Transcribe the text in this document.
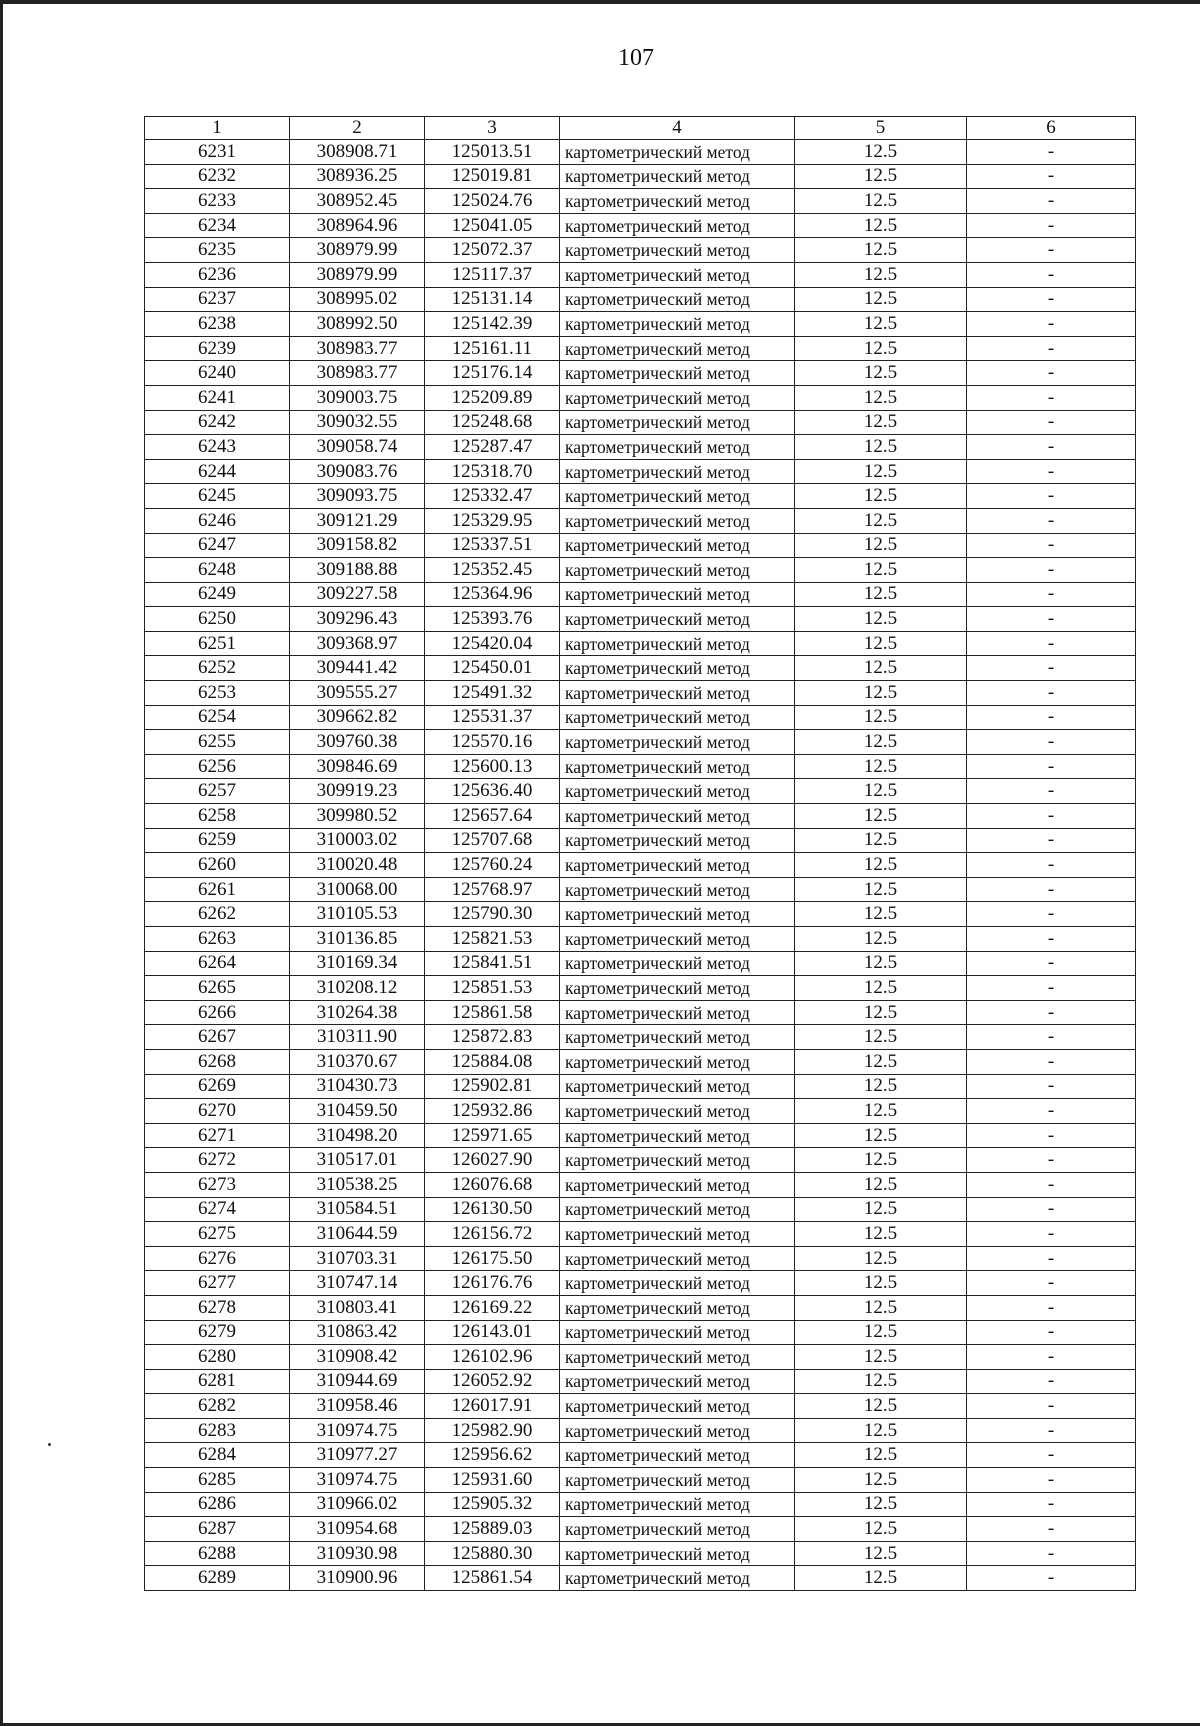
107
1	2	3	4	5	6
6231	308908.71	125013.51	картометрический метод	12.5	-
6232	308936.25	125019.81	картометрический метод	12.5	-
6233	308952.45	125024.76	картометрический метод	12.5	-
6234	308964.96	125041.05	картометрический метод	12.5	-
6235	308979.99	125072.37	картометрический метод	12.5	-
6236	308979.99	125117.37	картометрический метод	12.5	-
6237	308995.02	125131.14	картометрический метод	12.5	-
6238	308992.50	125142.39	картометрический метод	12.5	-
6239	308983.77	125161.11	картометрический метод	12.5	-
6240	308983.77	125176.14	картометрический метод	12.5	-
6241	309003.75	125209.89	картометрический метод	12.5	-
6242	309032.55	125248.68	картометрический метод	12.5	-
6243	309058.74	125287.47	картометрический метод	12.5	-
6244	309083.76	125318.70	картометрический метод	12.5	-
6245	309093.75	125332.47	картометрический метод	12.5	-
6246	309121.29	125329.95	картометрический метод	12.5	-
6247	309158.82	125337.51	картометрический метод	12.5	-
6248	309188.88	125352.45	картометрический метод	12.5	-
6249	309227.58	125364.96	картометрический метод	12.5	-
6250	309296.43	125393.76	картометрический метод	12.5	-
6251	309368.97	125420.04	картометрический метод	12.5	-
6252	309441.42	125450.01	картометрический метод	12.5	-
6253	309555.27	125491.32	картометрический метод	12.5	-
6254	309662.82	125531.37	картометрический метод	12.5	-
6255	309760.38	125570.16	картометрический метод	12.5	-
6256	309846.69	125600.13	картометрический метод	12.5	-
6257	309919.23	125636.40	картометрический метод	12.5	-
6258	309980.52	125657.64	картометрический метод	12.5	-
6259	310003.02	125707.68	картометрический метод	12.5	-
6260	310020.48	125760.24	картометрический метод	12.5	-
6261	310068.00	125768.97	картометрический метод	12.5	-
6262	310105.53	125790.30	картометрический метод	12.5	-
6263	310136.85	125821.53	картометрический метод	12.5	-
6264	310169.34	125841.51	картометрический метод	12.5	-
6265	310208.12	125851.53	картометрический метод	12.5	-
6266	310264.38	125861.58	картометрический метод	12.5	-
6267	310311.90	125872.83	картометрический метод	12.5	-
6268	310370.67	125884.08	картометрический метод	12.5	-
6269	310430.73	125902.81	картометрический метод	12.5	-
6270	310459.50	125932.86	картометрический метод	12.5	-
6271	310498.20	125971.65	картометрический метод	12.5	-
6272	310517.01	126027.90	картометрический метод	12.5	-
6273	310538.25	126076.68	картометрический метод	12.5	-
6274	310584.51	126130.50	картометрический метод	12.5	-
6275	310644.59	126156.72	картометрический метод	12.5	-
6276	310703.31	126175.50	картометрический метод	12.5	-
6277	310747.14	126176.76	картометрический метод	12.5	-
6278	310803.41	126169.22	картометрический метод	12.5	-
6279	310863.42	126143.01	картометрический метод	12.5	-
6280	310908.42	126102.96	картометрический метод	12.5	-
6281	310944.69	126052.92	картометрический метод	12.5	-
6282	310958.46	126017.91	картометрический метод	12.5	-
6283	310974.75	125982.90	картометрический метод	12.5	-
6284	310977.27	125956.62	картометрический метод	12.5	-
6285	310974.75	125931.60	картометрический метод	12.5	-
6286	310966.02	125905.32	картометрический метод	12.5	-
6287	310954.68	125889.03	картометрический метод	12.5	-
6288	310930.98	125880.30	картометрический метод	12.5	-
6289	310900.96	125861.54	картометрический метод	12.5	-
